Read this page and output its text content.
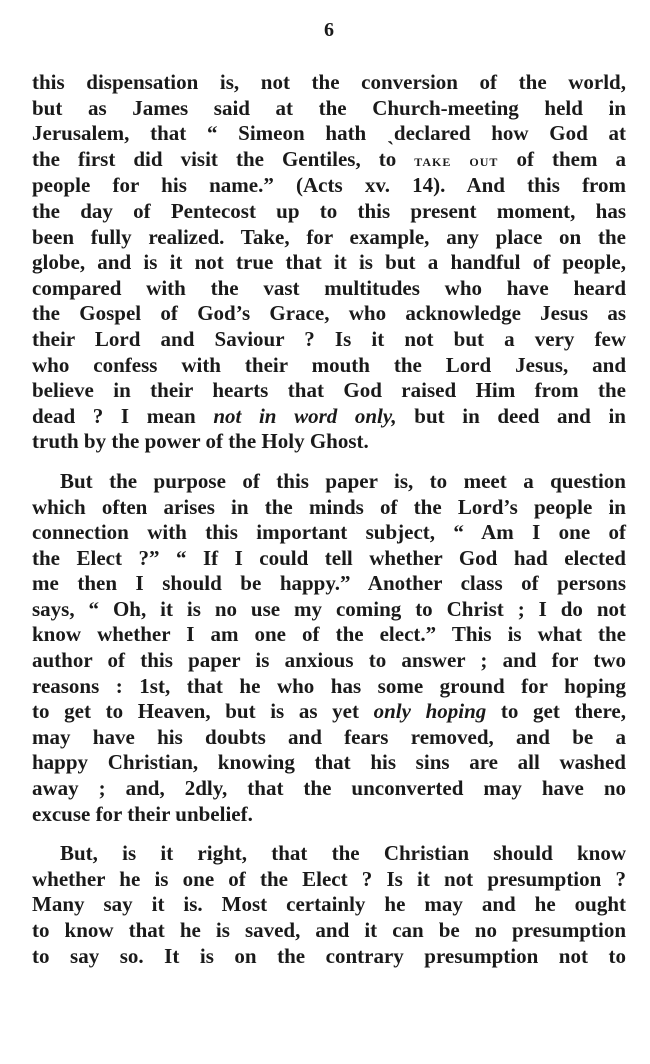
6

this dispensation is, not the conversion of the world,
but as James said at the Church-meeting held in
Jerusalem, that “ Simeon hath ˎdeclared how God at
the first did visit the Gentiles, to take out of them a
people for his name.” (Acts xv. 14). And this from
the day of Pentecost up to this present moment, has
been fully realized. Take, for example, any place on the
globe, and is it not true that it is but a handful of people,
compared with the vast multitudes who have heard
the Gospel of God’s Grace, who acknowledge Jesus as
their Lord and Saviour ? Is it not but a very few
who confess with their mouth the Lord Jesus, and
believe in their hearts that God raised Him from the
dead ? I mean not in word only, but in deed and in
truth by the power of the Holy Ghost.

But the purpose of this paper is, to meet a question
which often arises in the minds of the Lord’s people in
connection with this important subject, “ Am I one of
the Elect ?” “ If I could tell whether God had elected
me then I should be happy.” Another class of persons
says, “ Oh, it is no use my coming to Christ ; I do not
know whether I am one of the elect.” This is what the
author of this paper is anxious to answer ; and for two
reasons : 1st, that he who has some ground for hoping
to get to Heaven, but is as yet only hoping to get there,
may have his doubts and fears removed, and be a
happy Christian, knowing that his sins are all washed
away ; and, 2dly, that the unconverted may have no
excuse for their unbelief.

But, is it right, that the Christian should know
whether he is one of the Elect ? Is it not presumption ?
Many say it is. Most certainly he may and he ought
to know that he is saved, and it can be no presumption
to say so. It is on the contrary presumption not to
